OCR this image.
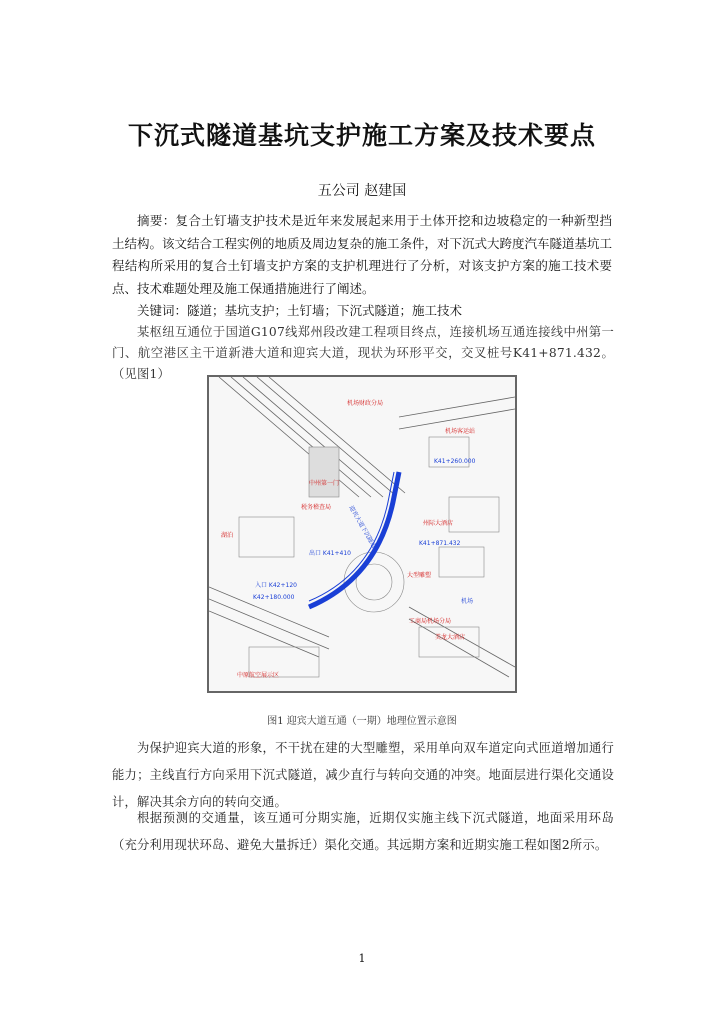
下沉式隧道基坑支护施工方案及技术要点
五公司 赵建国

摘要：复合土钉墙支护技术是近年来发展起来用于土体开挖和边坡稳定的一种新型挡土结构。该文结合工程实例的地质及周边复杂的施工条件，对下沉式大跨度汽车隧道基坑工程结构所采用的复合土钉墙支护方案的支护机理进行了分析，对该支护方案的施工技术要点、技术难题处理及施工保通措施进行了阐述。

关键词：隧道；基坑支护；土钉墙；下沉式隧道；施工技术

某枢纽互通位于国道G107线郑州段改建工程项目终点，连接机场互通连接线中州第一门、航空港区主干道新港大道和迎宾大道，现状为环形平交，交叉桩号K41+871.432。（见图1）

机场财政分局
机场客运站
中州第一门
税务稽查局	迎宾大道下沉隧道
湖泊
大型雕塑
州际大酒店
工商局机场分局
美龙大酒店
中原航空展示区
机场
K41+260.000
K41+871.432
K42+180.000
出口 K41+410
入口 K42+120
图1 迎宾大道互通（一期）地理位置示意图

为保护迎宾大道的形象，不干扰在建的大型雕塑，采用单向双车道定向式匝道增加通行能力；主线直行方向采用下沉式隧道，减少直行与转向交通的冲突。地面层进行渠化交通设计，解决其余方向的转向交通。

根据预测的交通量，该互通可分期实施，近期仅实施主线下沉式隧道，地面采用环岛（充分利用现状环岛、避免大量拆迁）渠化交通。其远期方案和近期实施工程如图2所示。

1
